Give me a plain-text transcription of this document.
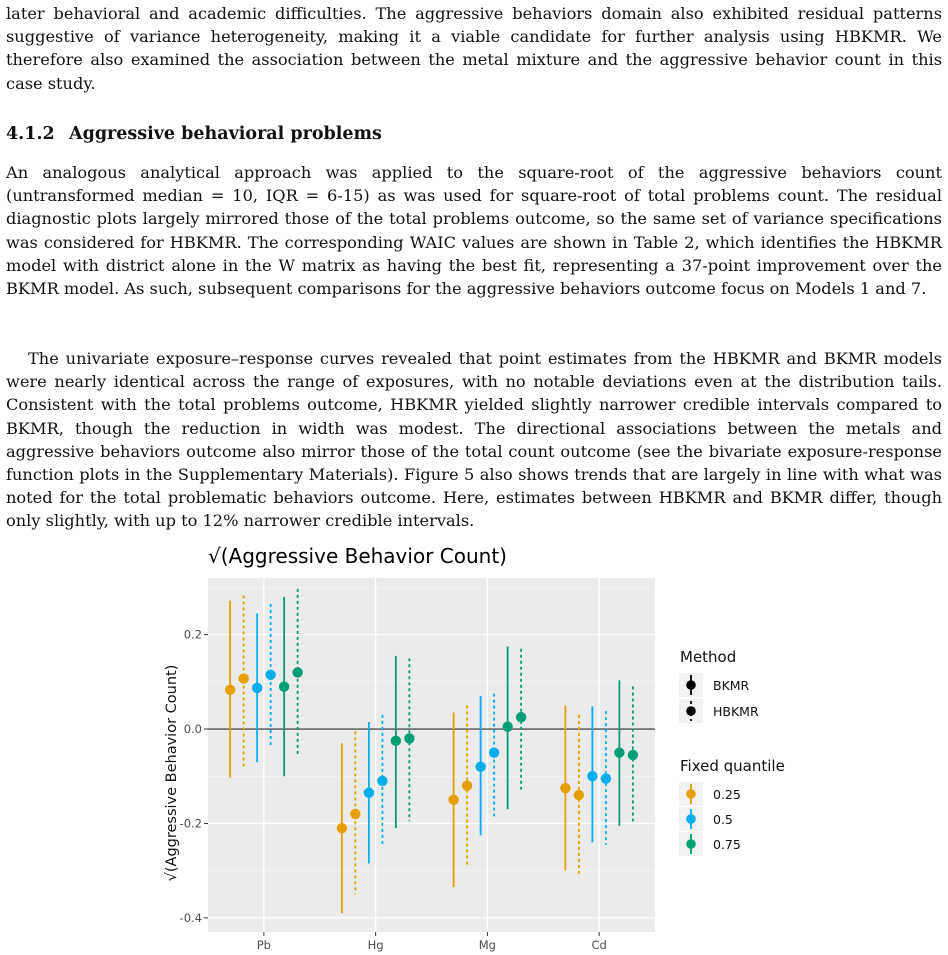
later behavioral and academic difficulties. The aggressive behaviors domain also exhibited residual patterns suggestive of variance heterogeneity, making it a viable candidate for further analysis using HBKMR. We therefore also examined the association between the metal mixture and the aggressive behavior count in this case study.

4.1.2 Aggressive behavioral problems

An analogous analytical approach was applied to the square-root of the aggressive behaviors count (untransformed median = 10, IQR = 6-15) as was used for square-root of total problems count. The residual diagnostic plots largely mirrored those of the total problems outcome, so the same set of variance specifications was considered for HBKMR. The corresponding WAIC values are shown in Table 2, which identifies the HBKMR model with district alone in the W matrix as having the best fit, representing a 37-point improvement over the BKMR model. As such, subsequent comparisons for the aggressive behaviors outcome focus on Models 1 and 7.

The univariate exposure–response curves revealed that point estimates from the HBKMR and BKMR models were nearly identical across the range of exposures, with no notable deviations even at the distribution tails. Consistent with the total problems outcome, HBKMR yielded slightly narrower credible intervals compared to BKMR, though the reduction in width was modest. The directional associations between the metals and aggressive behaviors outcome also mirror those of the total count outcome (see the bivariate exposure-response function plots in the Supplementary Materials). Figure 5 also shows trends that are largely in line with what was noted for the total problematic behaviors outcome. Here, estimates between HBKMR and BKMR differ, though only slightly, with up to 12% narrower credible intervals.

√(Aggressive Behavior Count)
√(Aggressive Behavior Count)
-0.4
-0.2
0.0
0.2
Pb	Hg	Mg	Cd
Method
BKMR
HBKMR
Fixed quantile
0.25
0.5
0.75
